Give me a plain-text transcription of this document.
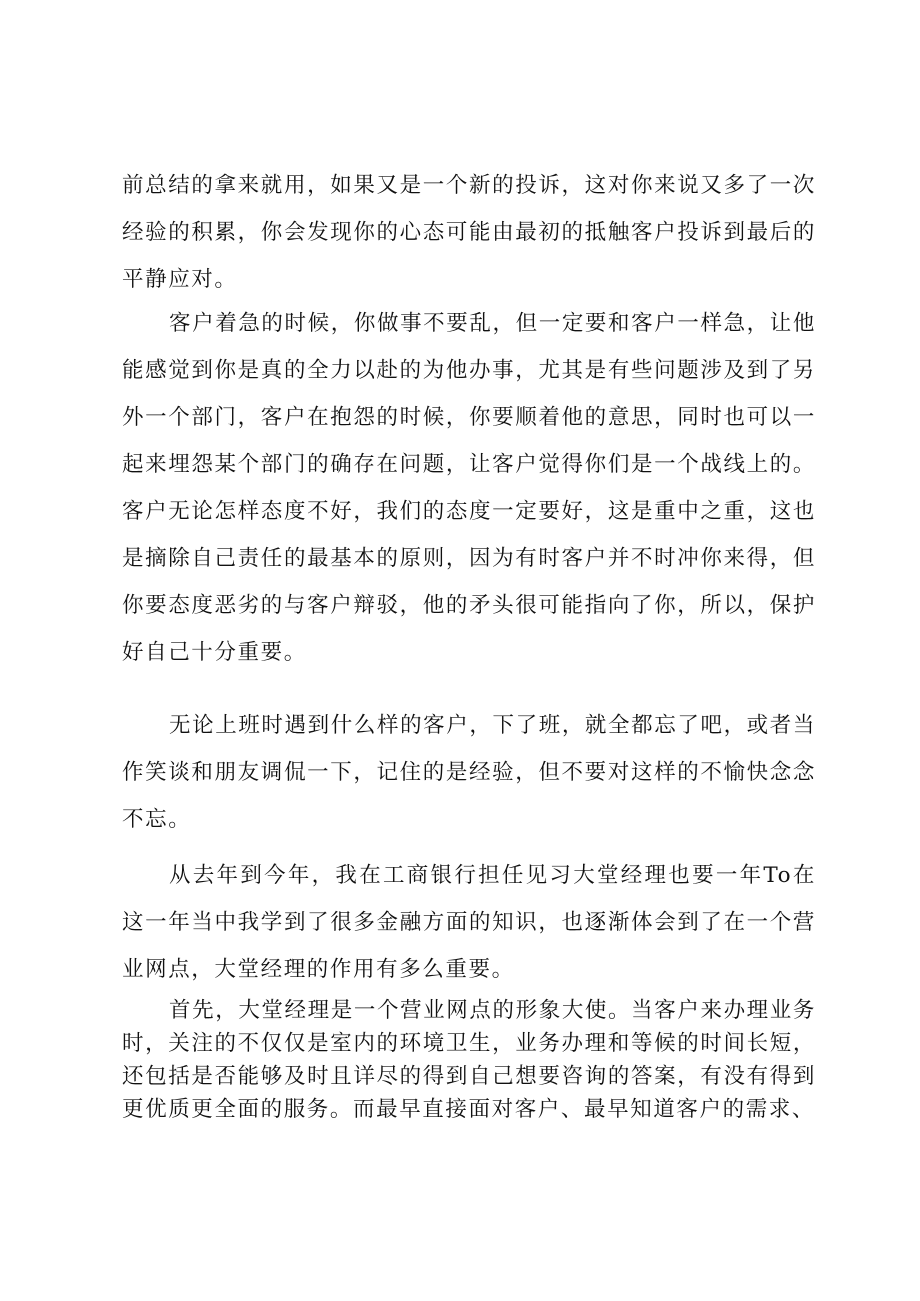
前总结的拿来就用，如果又是一个新的投诉，这对你来说又多了一次经验的积累，你会发现你的心态可能由最初的抵触客户投诉到最后的平静应对。

客户着急的时候，你做事不要乱，但一定要和客户一样急，让他能感觉到你是真的全力以赴的为他办事，尤其是有些问题涉及到了另外一个部门，客户在抱怨的时候，你要顺着他的意思，同时也可以一起来埋怨某个部门的确存在问题，让客户觉得你们是一个战线上的。客户无论怎样态度不好，我们的态度一定要好，这是重中之重，这也是摘除自己责任的最基本的原则，因为有时客户并不时冲你来得，但你要态度恶劣的与客户辩驳，他的矛头很可能指向了你，所以，保护好自己十分重要。

无论上班时遇到什么样的客户，下了班，就全都忘了吧，或者当作笑谈和朋友调侃一下，记住的是经验，但不要对这样的不愉快念念不忘。

从去年到今年，我在工商银行担任见习大堂经理也要一年To在这一年当中我学到了很多金融方面的知识，也逐渐体会到了在一个营业网点，大堂经理的作用有多么重要。

首先，大堂经理是一个营业网点的形象大使。当客户来办理业务时，关注的不仅仅是室内的环境卫生，业务办理和等候的时间长短，还包括是否能够及时且详尽的得到自己想要咨询的答案，有没有得到更优质更全面的服务。而最早直接面对客户、最早知道客户的需求、
